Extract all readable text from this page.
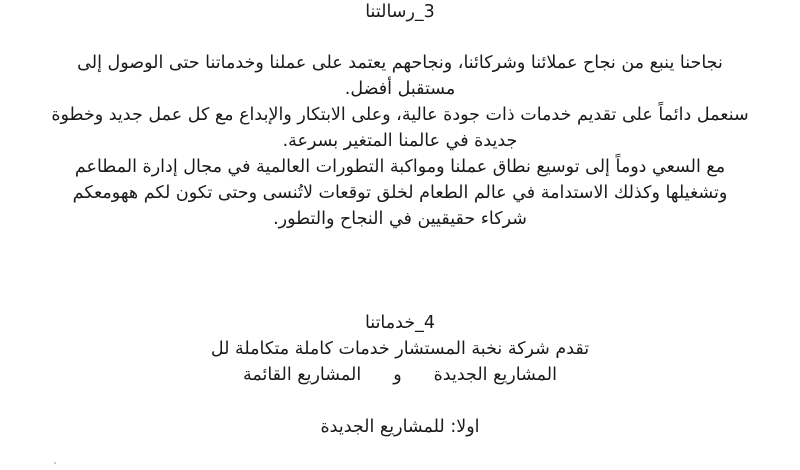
3_رسالتنا
نجاحنا ينبع من نجاح عملائنا وشركائنا، ونجاحهم يعتمد على عملنا وخدماتنا حتى الوصول إلى
مستقبل أفضل.
سنعمل دائماً على تقديم خدمات ذات جودة عالية، وعلى الابتكار والإبداع مع كل عمل جديد وخطوة
جديدة في عالمنا المتغير بسرعة.
مع السعي دوماً إلى توسيع نطاق عملنا ومواكبة التطورات العالمية في مجال إدارة المطاعم
وتشغيلها وكذلك الاستدامة في عالم الطعام لخلق توقعات لاتُنسى وحتى تكون لكم ههومعكم
شركاء حقيقيين في النجاح والتطور.
4_خدماتنا
تقدم شركة نخبة المستشار خدمات كاملة متكاملة لل
المشاريع الجديدةوالمشاريع القائمة
اولا: للمشاريع الجديدة
